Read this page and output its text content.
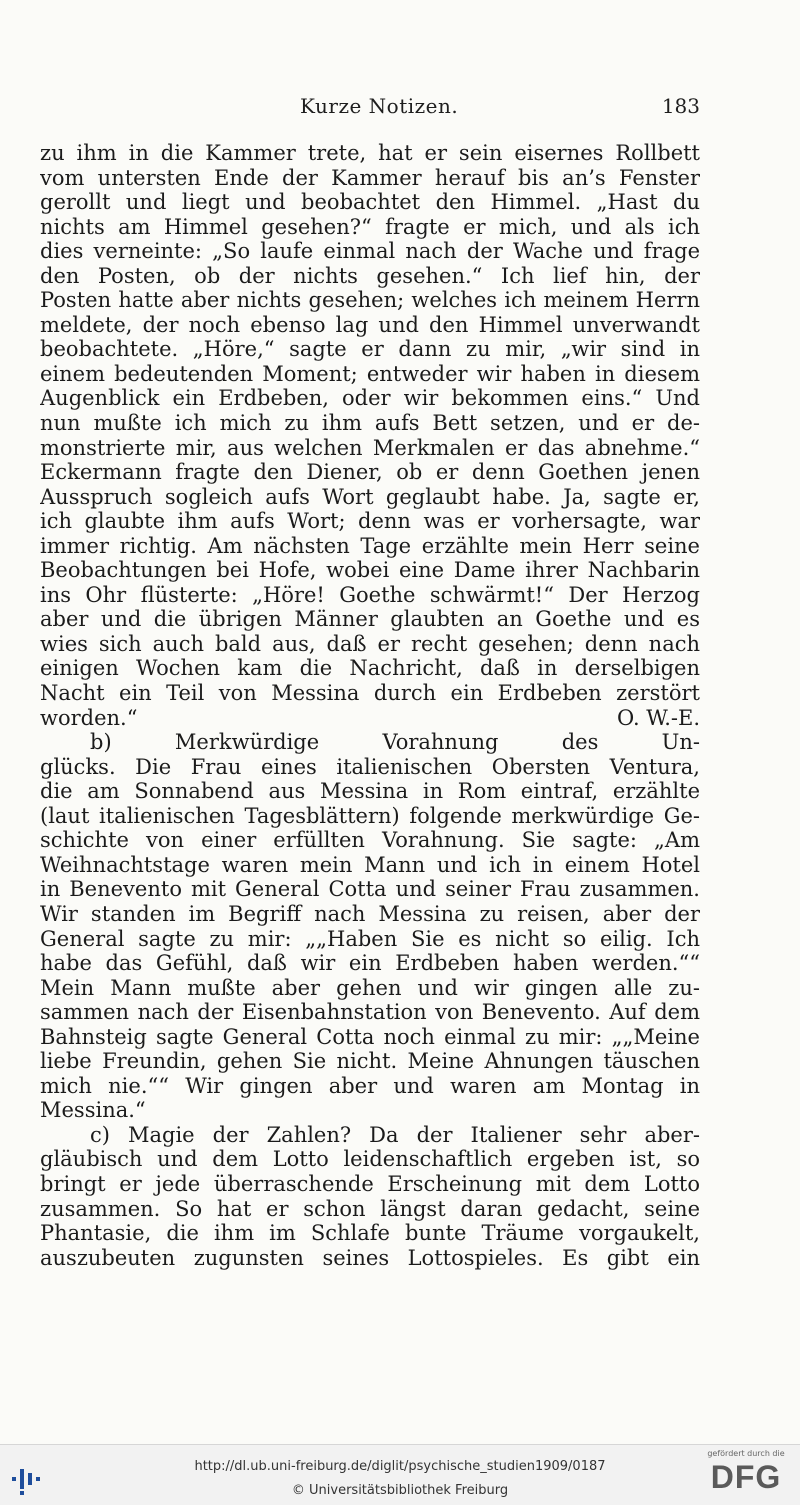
Kurze Notizen.	183
zu ihm in die Kammer trete, hat er sein eisernes Rollbett
vom untersten Ende der Kammer herauf bis an’s Fenster
gerollt und liegt und beobachtet den Himmel. „Hast du
nichts am Himmel gesehen?“ fragte er mich, und als ich
dies verneinte: „So laufe einmal nach der Wache und frage
den Posten, ob der nichts gesehen.“ Ich lief hin, der
Posten hatte aber nichts gesehen; welches ich meinem Herrn
meldete, der noch ebenso lag und den Himmel unverwandt
beobachtete. „Höre,“ sagte er dann zu mir, „wir sind in
einem bedeutenden Moment; entweder wir haben in diesem
Augenblick ein Erdbeben, oder wir bekommen eins.“ Und
nun mußte ich mich zu ihm aufs Bett setzen, und er de-
monstrierte mir, aus welchen Merkmalen er das abnehme.“
Eckermann fragte den Diener, ob er denn Goethen jenen
Ausspruch sogleich aufs Wort geglaubt habe. Ja, sagte er,
ich glaubte ihm aufs Wort; denn was er vorhersagte, war
immer richtig. Am nächsten Tage erzählte mein Herr seine
Beobachtungen bei Hofe, wobei eine Dame ihrer Nachbarin
ins Ohr flüsterte: „Höre! Goethe schwärmt!“ Der Herzog
aber und die übrigen Männer glaubten an Goethe und es
wies sich auch bald aus, daß er recht gesehen; denn nach
einigen Wochen kam die Nachricht, daß in derselbigen
Nacht ein Teil von Messina durch ein Erdbeben zerstört
worden.“	O. W.-E.
b) Merkwürdige Vorahnung des Un-
glücks. Die Frau eines italienischen Obersten Ventura,
die am Sonnabend aus Messina in Rom eintraf, erzählte
(laut italienischen Tagesblättern) folgende merkwürdige Ge-
schichte von einer erfüllten Vorahnung. Sie sagte: „Am
Weihnachtstage waren mein Mann und ich in einem Hotel
in Benevento mit General Cotta und seiner Frau zusammen.
Wir standen im Begriff nach Messina zu reisen, aber der
General sagte zu mir: „„Haben Sie es nicht so eilig. Ich
habe das Gefühl, daß wir ein Erdbeben haben werden.““
Mein Mann mußte aber gehen und wir gingen alle zu-
sammen nach der Eisenbahnstation von Benevento. Auf dem
Bahnsteig sagte General Cotta noch einmal zu mir: „„Meine
liebe Freundin, gehen Sie nicht. Meine Ahnungen täuschen
mich nie.““ Wir gingen aber und waren am Montag in
Messina.“
c) Magie der Zahlen? Da der Italiener sehr aber-
gläubisch und dem Lotto leidenschaftlich ergeben ist, so
bringt er jede überraschende Erscheinung mit dem Lotto
zusammen. So hat er schon längst daran gedacht, seine
Phantasie, die ihm im Schlafe bunte Träume vorgaukelt,
auszubeuten zugunsten seines Lottospieles. Es gibt ein
http://dl.ub.uni-freiburg.de/diglit/psychische_studien1909/0187
© Universitätsbibliothek Freiburg
gefördert durch die
DFG
